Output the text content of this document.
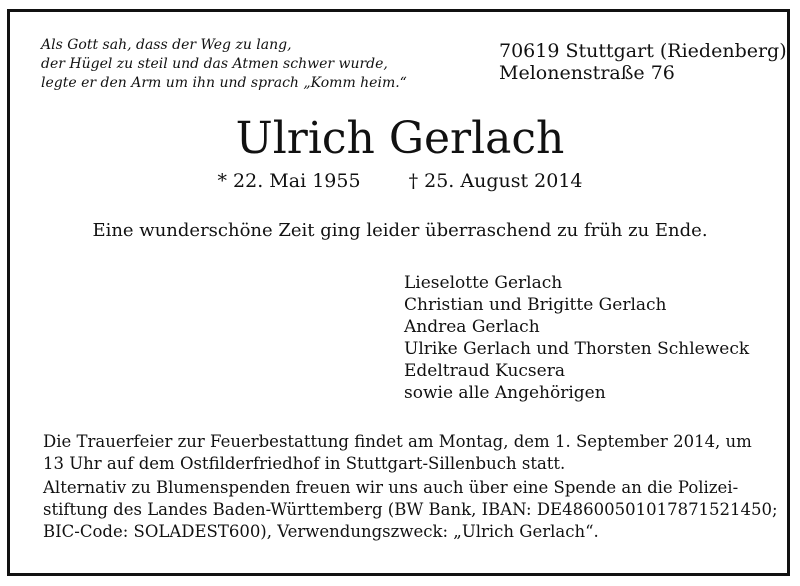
Als Gott sah, dass der Weg zu lang,
der Hügel zu steil und das Atmen schwer wurde,
legte er den Arm um ihn und sprach „Komm heim.“
70619 Stuttgart (Riedenberg)
Melonenstraße 76
Ulrich Gerlach
* 22. Mai 1955	† 25. August 2014
Eine wunderschöne Zeit ging leider überraschend zu früh zu Ende.
Lieselotte Gerlach
Christian und Brigitte Gerlach
Andrea Gerlach
Ulrike Gerlach und Thorsten Schleweck
Edeltraud Kucsera
sowie alle Angehörigen
Die Trauerfeier zur Feuerbestattung findet am Montag, dem 1. September 2014, um
13 Uhr auf dem Ostfilderfriedhof in Stuttgart-Sillenbuch statt.
Alternativ zu Blumenspenden freuen wir uns auch über eine Spende an die Polizei-
stiftung des Landes Baden-Württemberg (BW Bank, IBAN: DE48600501017871521450;
BIC-Code: SOLADEST600), Verwendungszweck: „Ulrich Gerlach“.
